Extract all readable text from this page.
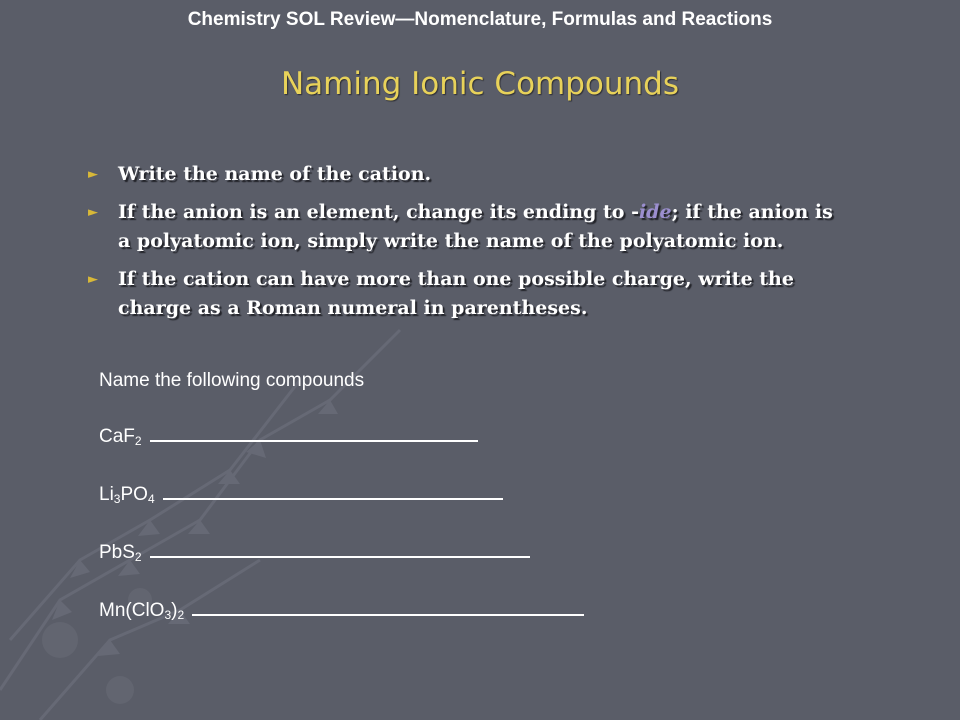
Chemistry SOL Review—Nomenclature, Formulas and Reactions
Naming Ionic Compounds
► Write the name of the cation.
► If the anion is an element, change its ending to -ide; if the anion is a polyatomic ion, simply write the name of the polyatomic ion.
► If the cation can have more than one possible charge, write the charge as a Roman numeral in parentheses.
Name the following compounds
CaF$_2$
$Li_3PO_4$
PbS$_2$
$Mn(ClO_3)_2$
